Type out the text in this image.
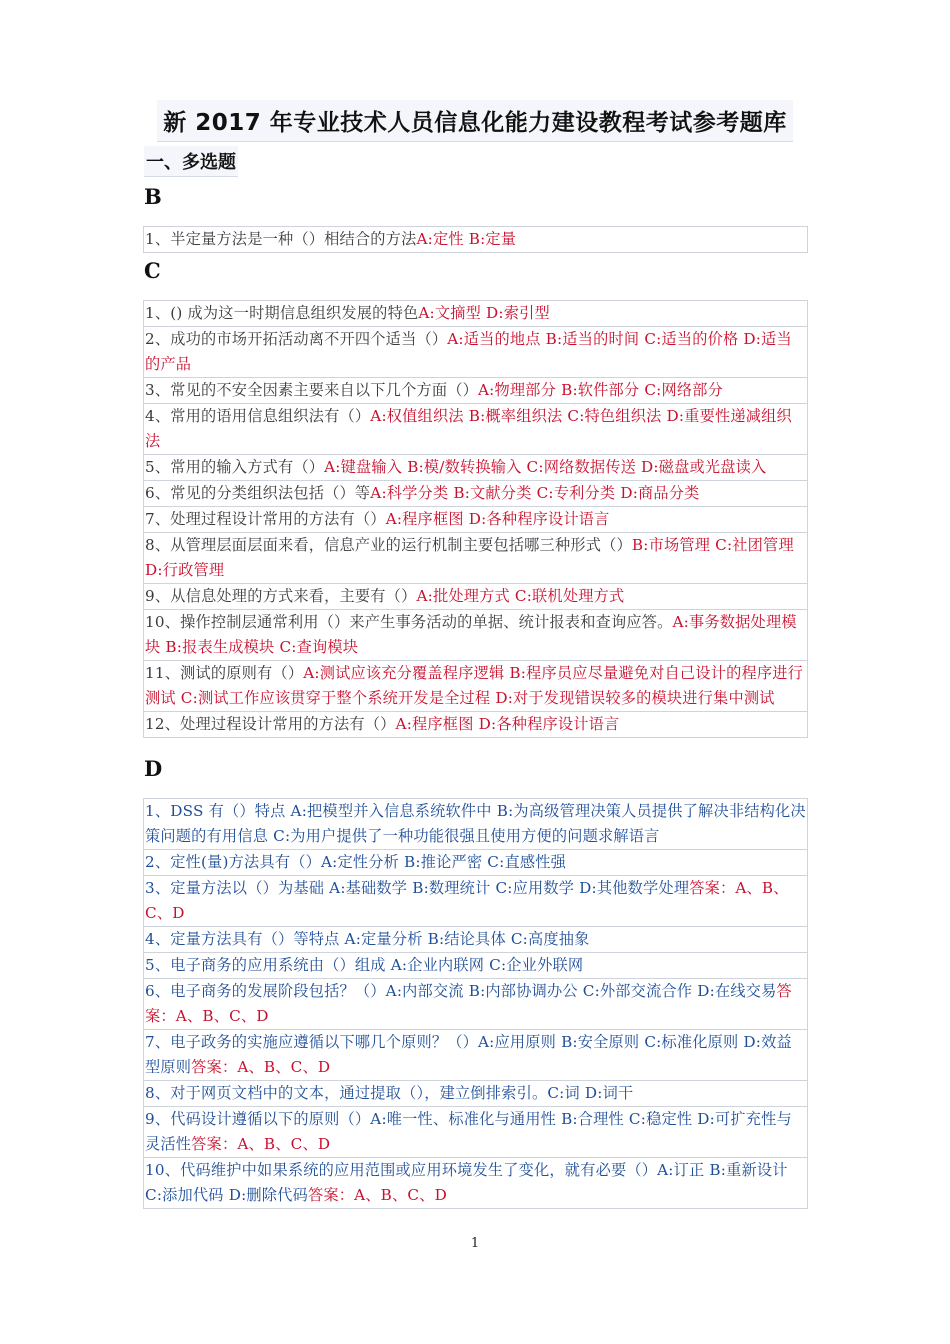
新 2017 年专业技术人员信息化能力建设教程考试参考题库
一、多选题
B
1、半定量方法是一种（）相结合的方法A:定性 B:定量
C
1、() 成为这一时期信息组织发展的特色A:文摘型 D:索引型
2、成功的市场开拓活动离不开四个适当（）A:适当的地点 B:适当的时间 C:适当的价格 D:适当的产品
3、常见的不安全因素主要来自以下几个方面（）A:物理部分 B:软件部分 C:网络部分
4、常用的语用信息组织法有（）A:权值组织法 B:概率组织法 C:特色组织法 D:重要性递减组织法
5、常用的输入方式有（）A:键盘输入 B:模/数转换输入 C:网络数据传送 D:磁盘或光盘读入
6、常见的分类组织法包括（）等A:科学分类 B:文献分类 C:专利分类 D:商品分类
7、处理过程设计常用的方法有（）A:程序框图 D:各种程序设计语言
8、从管理层面层面来看，信息产业的运行机制主要包括哪三种形式（）B:市场管理 C:社团管理 D:行政管理
9、从信息处理的方式来看，主要有（）A:批处理方式 C:联机处理方式
10、操作控制层通常利用（）来产生事务活动的单据、统计报表和查询应答。A:事务数据处理模块 B:报表生成模块 C:查询模块
11、测试的原则有（）A:测试应该充分覆盖程序逻辑 B:程序员应尽量避免对自己设计的程序进行测试 C:测试工作应该贯穿于整个系统开发是全过程 D:对于发现错误较多的模块进行集中测试
12、处理过程设计常用的方法有（）A:程序框图 D:各种程序设计语言
D
1、DSS 有（）特点 A:把模型并入信息系统软件中 B:为高级管理决策人员提供了解决非结构化决策问题的有用信息 C:为用户提供了一种功能很强且使用方便的问题求解语言
2、定性(量)方法具有（）A:定性分析 B:推论严密 C:直感性强
3、定量方法以（）为基础 A:基础数学 B:数理统计 C:应用数学 D:其他数学处理答案：A、B、C、D
4、定量方法具有（）等特点 A:定量分析 B:结论具体 C:高度抽象
5、电子商务的应用系统由（）组成 A:企业内联网 C:企业外联网
6、电子商务的发展阶段包括？（）A:内部交流 B:内部协调办公 C:外部交流合作 D:在线交易答案：A、B、C、D
7、电子政务的实施应遵循以下哪几个原则？（）A:应用原则 B:安全原则 C:标准化原则 D:效益型原则答案：A、B、C、D
8、对于网页文档中的文本，通过提取（），建立倒排索引。C:词 D:词干
9、代码设计遵循以下的原则（）A:唯一性、标准化与通用性 B:合理性 C:稳定性 D:可扩充性与灵活性答案：A、B、C、D
10、代码维护中如果系统的应用范围或应用环境发生了变化，就有必要（）A:订正 B:重新设计 C:添加代码 D:删除代码答案：A、B、C、D
1
